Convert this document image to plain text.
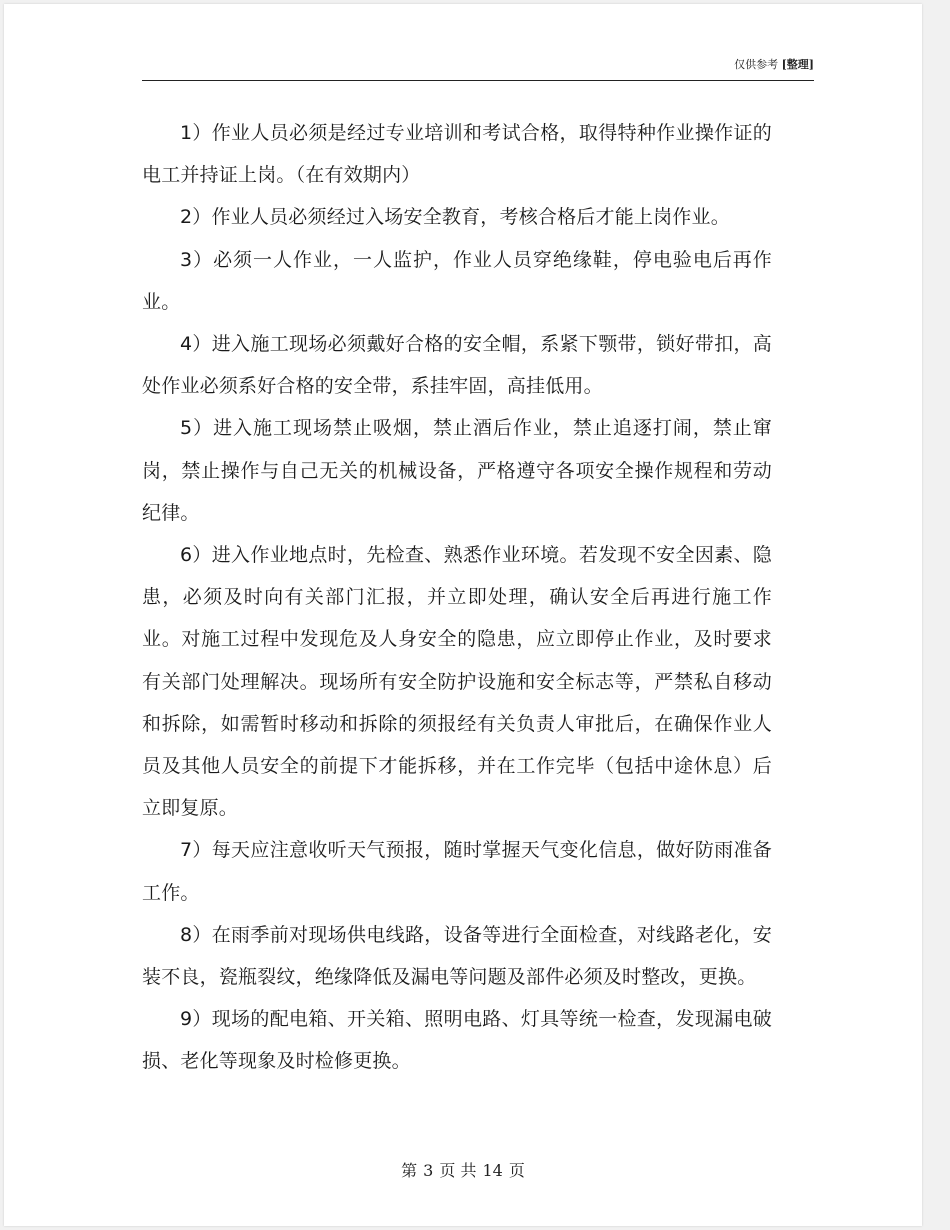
仅供参考 [整理]

1）作业人员必须是经过专业培训和考试合格，取得特种作业操作证的电工并持证上岗。（在有效期内）

2）作业人员必须经过入场安全教育，考核合格后才能上岗作业。

3）必须一人作业，一人监护，作业人员穿绝缘鞋，停电验电后再作业。

4）进入施工现场必须戴好合格的安全帽，系紧下颚带，锁好带扣，高处作业必须系好合格的安全带，系挂牢固，高挂低用。

5）进入施工现场禁止吸烟，禁止酒后作业，禁止追逐打闹，禁止窜岗，禁止操作与自己无关的机械设备，严格遵守各项安全操作规程和劳动纪律。

6）进入作业地点时，先检查、熟悉作业环境。若发现不安全因素、隐患，必须及时向有关部门汇报，并立即处理，确认安全后再进行施工作业。对施工过程中发现危及人身安全的隐患，应立即停止作业，及时要求有关部门处理解决。现场所有安全防护设施和安全标志等，严禁私自移动和拆除，如需暂时移动和拆除的须报经有关负责人审批后，在确保作业人员及其他人员安全的前提下才能拆移，并在工作完毕（包括中途休息）后立即复原。

7）每天应注意收听天气预报，随时掌握天气变化信息，做好防雨准备工作。

8）在雨季前对现场供电线路，设备等进行全面检查，对线路老化，安装不良，瓷瓶裂纹，绝缘降低及漏电等问题及部件必须及时整改，更换。

9）现场的配电箱、开关箱、照明电路、灯具等统一检查，发现漏电破损、老化等现象及时检修更换。

第 3 页 共 14 页
